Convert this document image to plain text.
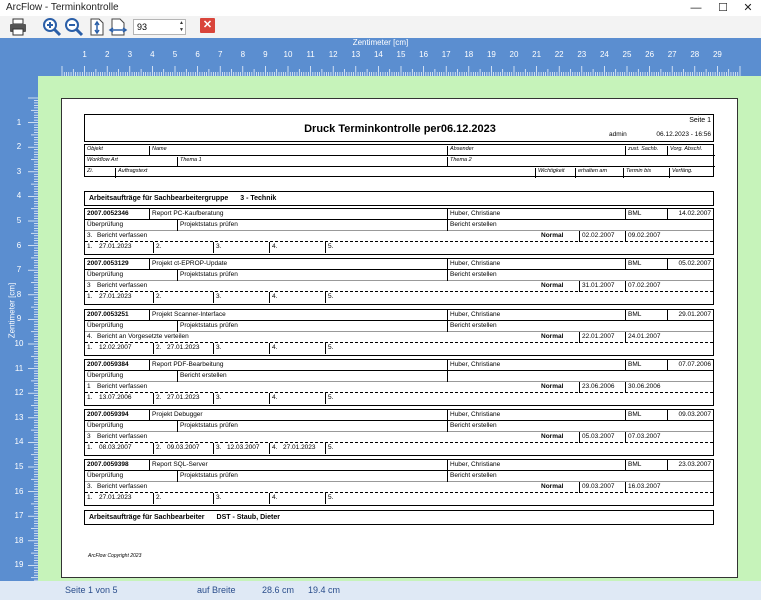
ArcFlow - Terminkontrolle	—	☐	✕
93	▲
▼ ✕
Zentimeter [cm]
1	2	3	4	5	6	7	8	9	10	11	12	13	14	15	16	17	18	19	20	21	22	23	24	25	26	27	28	29
Zentimeter [cm]
1
2
3
4
5
6
7
8
9
10
11
12
13
14
15
16
17
18
19
Druck Terminkontrolle per06.12.2023
Seite 1
admin	06.12.2023 - 16:56
Objekt	Name	Absender	zust. Sachb.	Vorg. Abschl.
Workflow Art	Thema 1	Thema 2
Zi.	Auftragstext	Wichtigkeit	erhalten am	Termin bis	Verfäng.
Arbeitsaufträge für Sachbearbeitergruppe 3 - Technik
2007.0052346	Report PC-Kaufberatung	Huber, Christiane	BML	14.02.2007
Überprüfung	Projektstatus prüfen	Bericht erstellen
3. Bericht verfassen	Normal	02.02.2007	09.02.2007
1.	27.01.2023	2.	3.	4.	5.
2007.0053129	Projekt ct-EPROP-Update	Huber, Christiane	BML	05.02.2007
Überprüfung	Projektstatus prüfen	Bericht erstellen
3 Bericht verfassen	Normal	31.01.2007	07.02.2007
1.	27.01.2023	2.	3.	4.	5.
2007.0053251	Projekt Scanner-Interface	Huber, Christiane	BML	29.01.2007
Überprüfung	Projektstatus prüfen	Bericht erstellen
4. Bericht an Vorgesetzte verteilen	Normal	22.01.2007	24.01.2007
1.	12.02.2007	2. 27.01.2023	3.	4.	5.
2007.0059384	Report PDF-Bearbeitung	Huber, Christiane	BML	07.07.2006
Überprüfung	Bericht erstellen
1 Bericht verfassen	Normal	23.06.2006	30.06.2006
1.	13.07.2006	2. 27.01.2023	3.	4.	5.
2007.0059394	Projekt Debugger	Huber, Christiane	BML	09.03.2007
Überprüfung	Projektstatus prüfen	Bericht erstellen
3 Bericht verfassen	Normal	05.03.2007	07.03.2007
1.	08.03.2007	2. 09.03.2007	3. 12.03.2007	4. 27.01.2023	5.
2007.0059398	Report SQL-Server	Huber, Christiane	BML	23.03.2007
Überprüfung	Projektstatus prüfen	Bericht erstellen
3. Bericht verfassen	Normal	09.03.2007	16.03.2007
1.	27.01.2023	2.	3.	4.	5.
Arbeitsaufträge für Sachbearbeiter DST - Staub, Dieter
ArcFlow Copyright 2023
Seite 1 von 5	auf Breite	28.6 cm 19.4 cm
